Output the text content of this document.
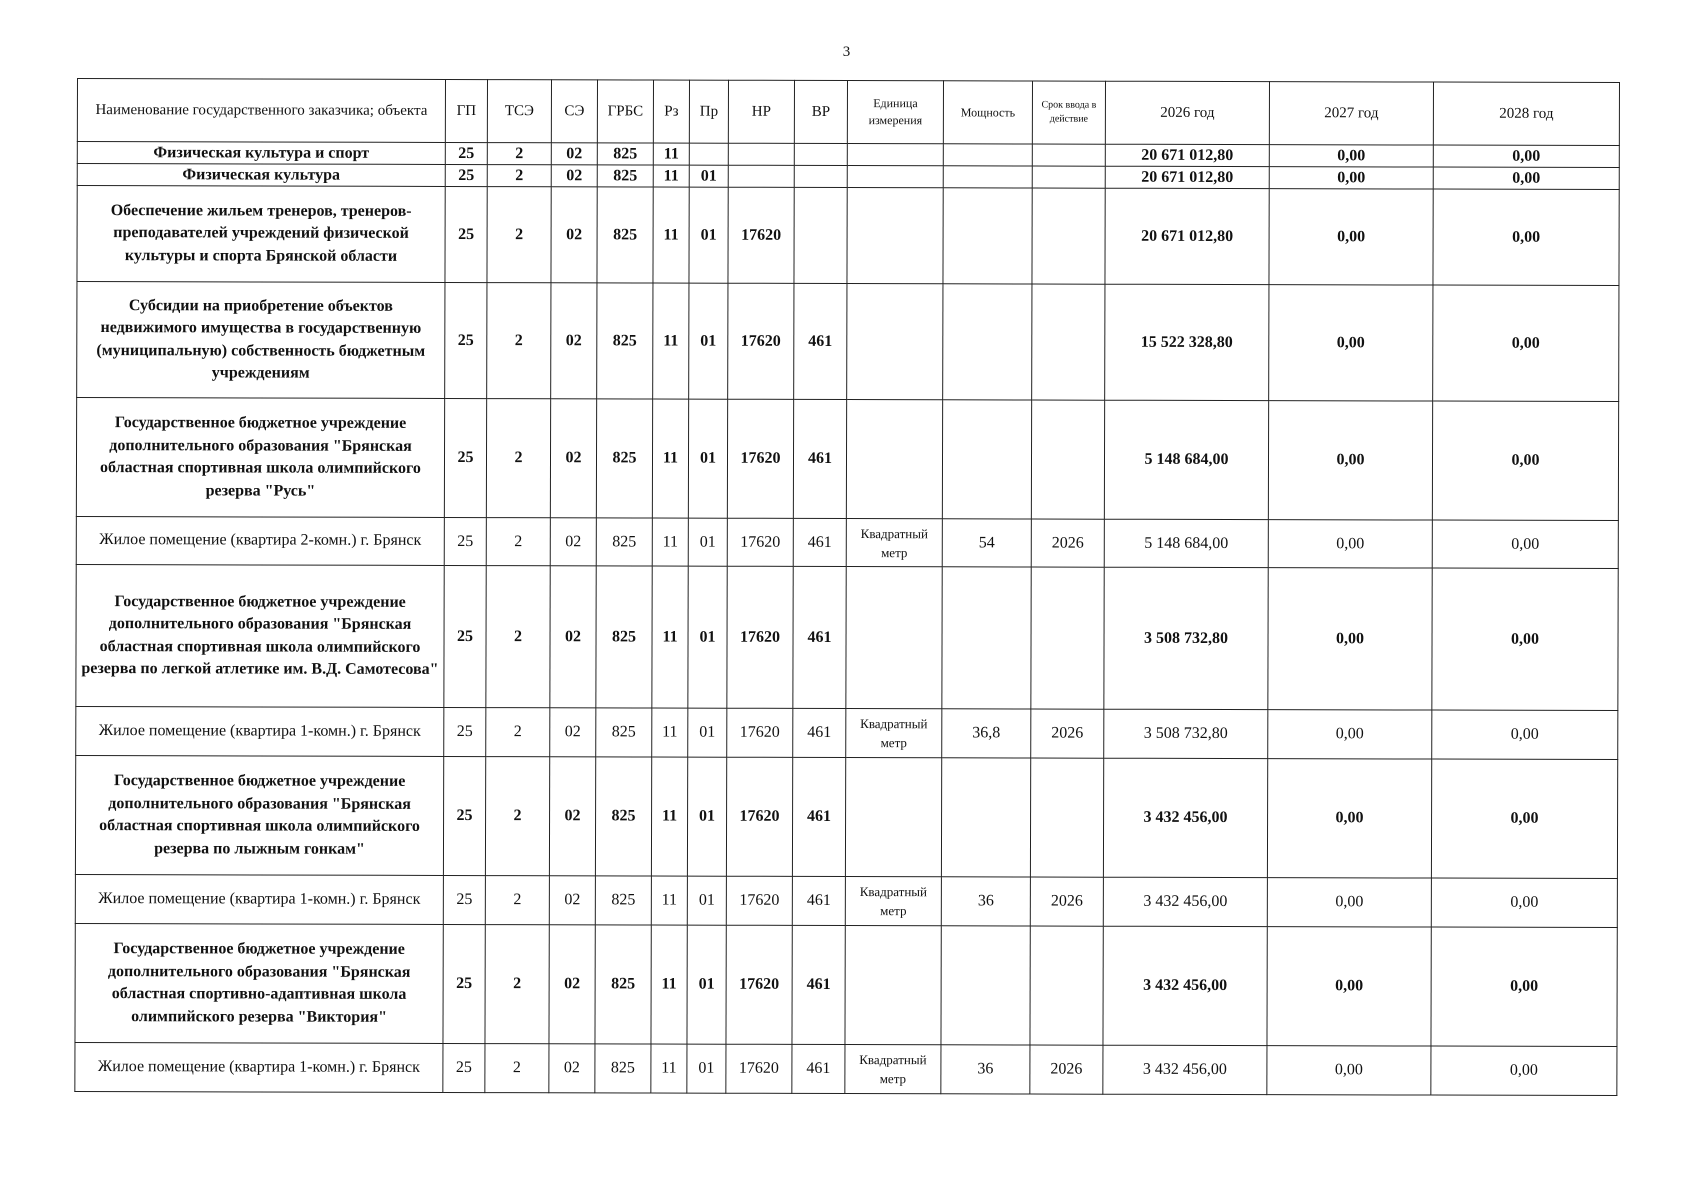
3
Наименование государственного заказчика; объекта	ГП	ТСЭ	СЭ	ГРБС	Рз	Пр	НР	ВР	Единица измерения	Мощность	Срок ввода в действие	2026 год	2027 год	2028 год
Физическая культура и спорт	25	2	02	825	11							20 671 012,80	0,00	0,00
Физическая культура	25	2	02	825	11	01						20 671 012,80	0,00	0,00
Обеспечение жильем тренеров, тренеров-преподавателей учреждений физической культуры и спорта Брянской области	25	2	02	825	11	01	17620					20 671 012,80	0,00	0,00
Субсидии на приобретение объектов недвижимого имущества в государственную (муниципальную) собственность бюджетным учреждениям	25	2	02	825	11	01	17620	461				15 522 328,80	0,00	0,00
Государственное бюджетное учреждение дополнительного образования "Брянская областная спортивная школа олимпийского резерва "Русь"	25	2	02	825	11	01	17620	461				5 148 684,00	0,00	0,00
Жилое помещение (квартира 2-комн.) г. Брянск	25	2	02	825	11	01	17620	461	Квадратный метр	54	2026	5 148 684,00	0,00	0,00
Государственное бюджетное учреждение дополнительного образования "Брянская областная спортивная школа олимпийского резерва по легкой атлетике им. В.Д. Самотесова"	25	2	02	825	11	01	17620	461				3 508 732,80	0,00	0,00
Жилое помещение (квартира 1-комн.) г. Брянск	25	2	02	825	11	01	17620	461	Квадратный метр	36,8	2026	3 508 732,80	0,00	0,00
Государственное бюджетное учреждение дополнительного образования "Брянская областная спортивная школа олимпийского резерва по лыжным гонкам"	25	2	02	825	11	01	17620	461				3 432 456,00	0,00	0,00
Жилое помещение (квартира 1-комн.) г. Брянск	25	2	02	825	11	01	17620	461	Квадратный метр	36	2026	3 432 456,00	0,00	0,00
Государственное бюджетное учреждение дополнительного образования "Брянская областная спортивно-адаптивная школа олимпийского резерва "Виктория"	25	2	02	825	11	01	17620	461				3 432 456,00	0,00	0,00
Жилое помещение (квартира 1-комн.) г. Брянск	25	2	02	825	11	01	17620	461	Квадратный метр	36	2026	3 432 456,00	0,00	0,00
